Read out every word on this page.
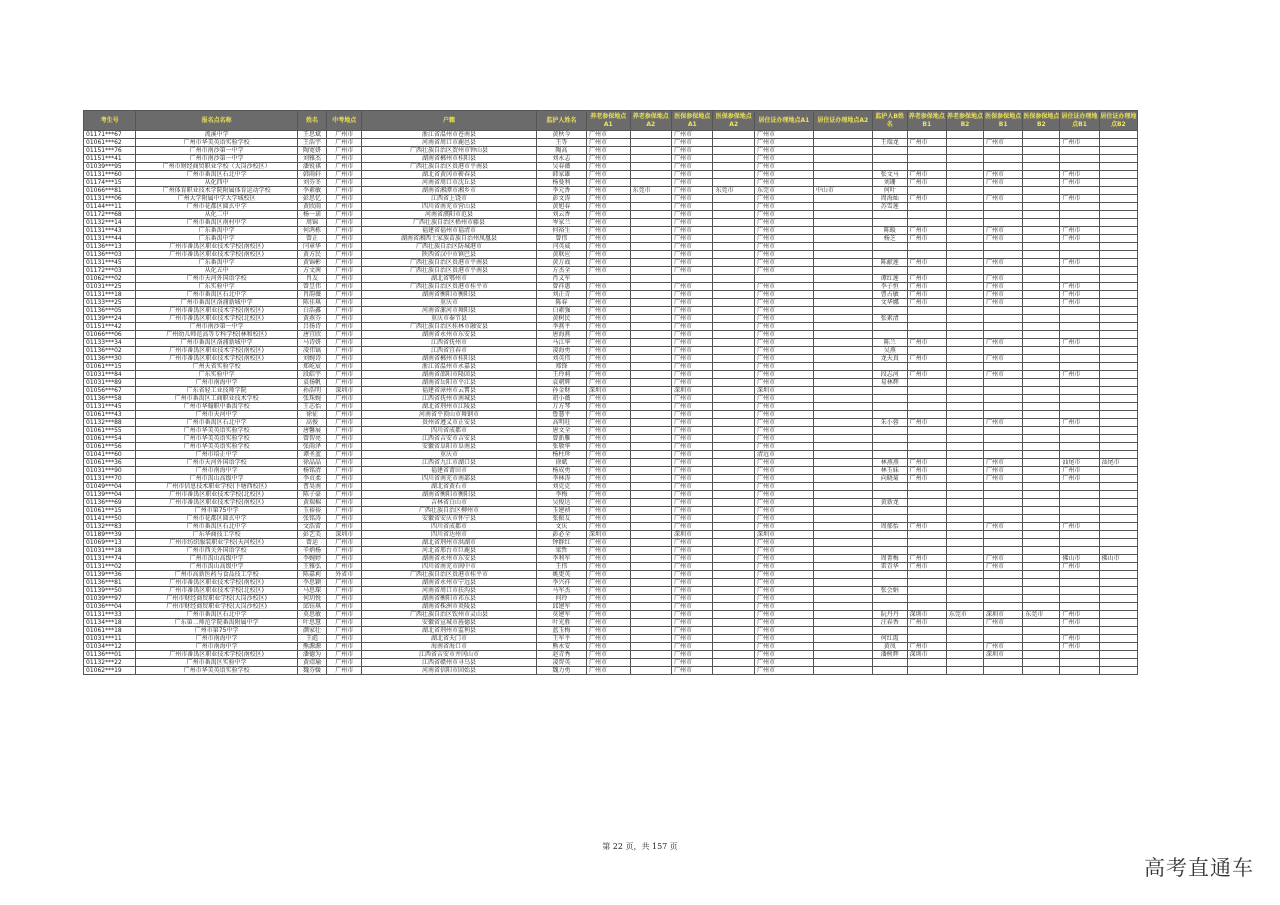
考生号	报名点名称	姓名	中考地点	户籍	监护人姓名	养老参保地点A1	养老参保地点A2	医保参保地点A1	医保参保地点A2	居住证办理地点A1	居住证办理地点A2	监护人B姓名	养老参保地点B1	养老参保地点B2	医保参保地点B1	医保参保地点B2	居住证办理地点B1	居住证办理地点B2
01171***67	流溪中学	王思斌	广州市	浙江省温州市苍南县	黄秋今	广州市		广州市		广州市								
01061***62	广州市华美英语实验学校	王浩宇	广州市	河南省周口市鹿邑县	王等	广州市		广州市		广州市		王瑞龙	广州市		广州市		广州市	
01151***76	广州市南沙第一中学	陶宽妍	广州市	广西壮族自治区贺州市钟山县	陶高	广州市		广州市		广州市								
01151***41	广州市南沙第一中学	刘雅杰	广州市	湖南省郴州市桂阳县	刘永志	广州市		广州市		广州市								
01039***95	广州市财经商贸职业学校（大岗沙校区）	潘锐祺	广州市	广西壮族自治区贵港市平南县	吴春薇	广州市		广州市		广州市								
01131***60	广州市番禺区石北中学	韩雨轩	广州市	湖北省黄冈市蕲春县	韩家雄	广州市		广州市		广州市		张文马	广州市		广州市		广州市	
01174***15	从化四中	刘芬冬	广州市	河南省周口市沈丘县	杨曼利	广州市		广州市		广州市		刘珊	广州市		广州市		广州市	
01066***81	广州体育职业技术学院附属体育运动学校	李素敏	广州市	湖南省湘潭市湘乡市	李元香	广州市	东莞市	广州市	东莞市	东莞市	中山市	何叶						
01131***06	广州大学附属中学大学城校区	彭思忆	广州市	江西省上饶市	彭文涛	广州市		广州市		广州市		周海灿	广州市		广州市		广州市	
01144***11	广州市花都区圆玄中学	黄欣雨	广州市	四川省南充市营山县	黄旭春	广州市		广州市		广州市		苏雪莲						
01172***68	从化二中	杨一诺	广州市	河南省濮阳市范县	刘云香	广州市		广州市		广州市								
01132***14	广州市番禺区南村中学	周锦	广州市	广西壮族自治区梧州市藤县	岑家兰	广州市		广州市		广州市								
01131***43	广东番禺中学	何鸿栋	广州市	福建省福州市福清市	何裕生	广州市		广州市		广州市		陈暖	广州市		广州市		广州市	
01131***44	广东番禺中学	曾正	广州市	湖南省湘西土家族苗族自治州凤凰县	曾伟	广州市		广州市		广州市		杨芝	广州市		广州市		广州市	
01136***13	广州市番禺区职业技术学校(南校区)	闫章华	广州市	广西壮族自治区防城港市	闫英威	广州市		广州市		广州市								
01136***03	广州市番禺区职业技术学校(南校区)	黄方民	广州市	陕西省汉中市镇巴县	黄联应	广州市		广州市		广州市								
01131***45	广东番禺中学	黄锦彬	广州市	广西壮族自治区贵港市平南县	黄万战	广州市		广州市		广州市		陈献莲	广州市		广州市		广州市	
01172***03	从化五中	方文茜	广州市	广西壮族自治区贵港市平南县	方杰全	广州市		广州市		广州市								
01062***02	广州市天河外国语学校	肖友	广州市	湖北省鄂州市	肖义军							谭红莲	广州市		广州市			
01031***25	广东实验中学	曾昱伟	广州市	广西壮族自治区贵港市桂平市	曾祥惠	广州市		广州市		广州市		李子恒	广州市		广州市		广州市	
01131***18	广州市番禺区石北中学	肖韵薇	广州市	湖南省衡阳市衡阳县	刘正青	广州市		广州市		广州市		曹占敏	广州市		广州市		广州市	
01133***25	广州市番禺区洛浦新城中学	陈佳琪	广州市	重庆市	陈春	广州市		广州市		广州市		文华娜	广州市		广州市		广州市	
01136***05	广州市番禺区职业技术学校(南校区)	白浩鑫	广州市	河南省漯河市舞阳县	白素强	广州市		广州市		广州市								
01139***24	广州市番禺区职业技术学校(北校区)	黄燕芬	广州市	重庆市奉节县	黄树民	广州市		广州市		广州市		张素清						
01151***42	广州市南沙第一中学	吕扬诗	广州市	广西壮族自治区桂林市融安县	李燕平	广州市		广州市		广州市								
01066***06	广州幼儿师范高等专科学校(林和校区)	唐宜欣	广州市	湖南省永州市东安县	唐海燕	广州市		广州市		广州市								
01133***34	广州市番禺区洛浦新城中学	马诗妍	广州市	江西省抚州市	马江华	广州市		广州市		广州市		陈兰	广州市		广州市		广州市	
01136***02	广州市番禺区职业技术学校(南校区)	凌伟镐	广州市	江西省宜春市	凌海勇	广州市		广州市		广州市		吴燕						
01136***30	广州市番禺区职业技术学校(南校区)	刘婉诗	广州市	湖南省郴州市桂阳县	刘英伟	广州市		广州市		广州市		龙天真	广州市		广州市			
01061***15	广州天省实验学校	郑屹宸	广州市	浙江省温州市永嘉县	郑锋	广州市		广州市		广州市								
01031***84	广东实验中学	段皓宇	广州市	湖南省邵阳市隆回县	王玲莉	广州市		广州市		广州市		段志河	广州市		广州市		广州市	
01031***89	广州市南海中学	袁扬帆	广州市	湖南省岳阳市平江县	袁朝辉	广州市		广州市		广州市		易林辉						
01056***67	广东省轻工业技师学院	孙浩明	深圳市	福建省漳州市云霄县	孙金财	深圳市		深圳市		深圳市								
01136***58	广州市番禺区工商职业技术学校	张珠婉	广州市	江西省抚州市南城县	胡小薇	广州市		广州市		广州市								
01131***45	广州市华翰职中番禺学校	王芯怡	广州市	湖北省荆州市江陵县	万方琴	广州市		广州市		广州市								
01061***43	广州市天河中学	徐征	广州市	河南省平顶山市舞钢市	鲁慧平	广州市		广州市		广州市								
01132***88	广州市番禺区石北中学	高俊	广州市	贵州省遵义市正安县	高明旺	广州市		广州市		广州市		朱小蓉	广州市		广州市		广州市	
01061***55	广州市华美英语实验学校	唐馨展	广州市	四川省成都市	唐文全	广州市		广州市		广州市								
01061***54	广州市华美英语实验学校	曾智亮	广州市	江西省吉安市吉安县	曾新雁	广州市		广州市		广州市								
01061***56	广州市华美英语实验学校	张雨泽	广州市	安徽省阜阳市阜南县	张敬华	广州市		广州市		广州市								
01041***60	广州市培正中学	谭圣蓝	广州市	重庆市	杨柱珍	广州市		广州市		清远市								
01061***36	广州市天河外国语学校	徐晶晶	广州市	江西省九江市湖口县	徐斌	广州市		广州市		广州市		林燕燕	广州市		广州市		汕尾市	汕尾市
01031***90	广州市南海中学	杨铭清	广州市	福建省莆田市	杨成勇	广州市		广州市		广州市		林玉妹	广州市		广州市		广州市	
01131***70	广州市禺山高级中学	李贞柔	广州市	四川省南充市南部县	李林涛	广州市		广州市		广州市		向晓菊	广州市		广州市		广州市	
01049***04	广州市信息技术职业学校(下塘西校区)	曹昊南	广州市	湖北省黄石市	刘克克	广州市		广州市		广州市								
01139***04	广州市番禺区职业技术学校(北校区)	陈子豪	广州市	湖南省衡阳市衡阳县	李梅	广州市		广州市		广州市								
01136***69	广州市番禺区职业技术学校(南校区)	黄瑞棉	广州市	吉林省白山市	吴俊达	广州市		广州市		广州市		黄新龙						
01061***15	广州市第75中学	玉裕裕	广州市	广西壮族自治区柳州市	玉建祯	广州市		广州市		广州市								
01141***50	广州市花都区圆玄中学	张铭涛	广州市	安徽省安庆市怀宁县	张振友	广州市		广州市		广州市								
01132***83	广州市番禺区石北中学	文浩雷	广州市	四川省成都市	文庆	广州市		广州市		广州市		周郁怡	广州市		广州市		广州市	
01189***39	广东华商技工学校	彭艺美	深圳市	四川省达州市	彭必全	深圳市		深圳市		深圳市								
01069***13	广州市纺织服装职业学校(天河校区)	曾运	广州市	湖北省荆州市洪湖市	钟群红	广州市		广州市		广州市								
01031***18	广州市西关外国语学校	辛炳杨	广州市	河北省邢台市巨鹿县	梁哲	广州市		广州市		广州市								
01131***74	广州市禺山高级中学	李婉婷	广州市	湖南省永州市东安县	李利军	广州市		广州市		广州市		周菁梅	广州市		广州市		佛山市	佛山市
01131***02	广州市禺山高级中学	王雅弘	广州市	四川省南充市阆中市	王伟	广州市		广州市		广州市		雷青华	广州市		广州市		广州市	
01139***36	广州市高新医药与食品技工学校	陈嘉莉	外省市	广西壮族自治区贵港市桂平市	姚更英	广州市		广州市		广州市								
01136***81	广州市番禺区职业技术学校(南校区)	李思颖	广州市	湖南省永州市宁远县	李兴祥	广州市		广州市		广州市								
01139***50	广州市番禺区职业技术学校(北校区)	马思琛	广州市	河南省周口市扶沟县	马军杰	广州市		广州市		广州市		张会娟						
01039***97	广州市财经商贸职业学校(大岗沙校区)	何玥悦	广州市	湖南省衡阳市祁东县	何玲	广州市		广州市		广州市								
01036***04	广州市财经商贸职业学校(大岗沙校区)	邱钰琪	广州市	湖南省株洲市炎陵县	邱建军	广州市		广州市		广州市								
01131***33	广州市番禺区石北中学	莫思敏	广州市	广西壮族自治区钦州市灵山县	莫建军	广州市		广州市		广州市		阮丹丹	深圳市	东莞市	深圳市	东莞市	广州市	
01134***18	广东第二师范学院番禺附属中学	叶思慧	广州市	安徽省宣城市旌德县	叶光胜	广州市		广州市		广州市		汪春香	广州市		广州市		广州市	
01061***18	广州市第75中学	颜家壮	广州市	湖北省荆州市监利县	蓝玉梅	广州市		广州市		广州市								
01031***11	广州市南海中学	王彪	广州市	湖北省天门市	王军平	广州市		广州市		广州市		何红霞					广州市	
01034***12	广州市南海中学	熊源源	广州市	海南省海口市	熊永安	广州市		广州市		广州市		黄凤	广州市		广州市		广州市	
01136***01	广州市番禺区职业技术学校(南校区)	潘德为	广州市	江西省吉安市井冈山市	赵青秀	广州市		广州市		广州市		潘树辉	深圳市		深圳市			
01132***22	广州市番禺区实验中学	黄靖瑜	广州市	江西省赣州市寻乌县	凌智英	广州市		广州市		广州市								
01062***19	广州市华美英语实验学校	魏芬媛	广州市	河南省信阳市固始县	魏力勇	广州市		广州市		广州市								
第 22 页，共 157 页
高考直通车
